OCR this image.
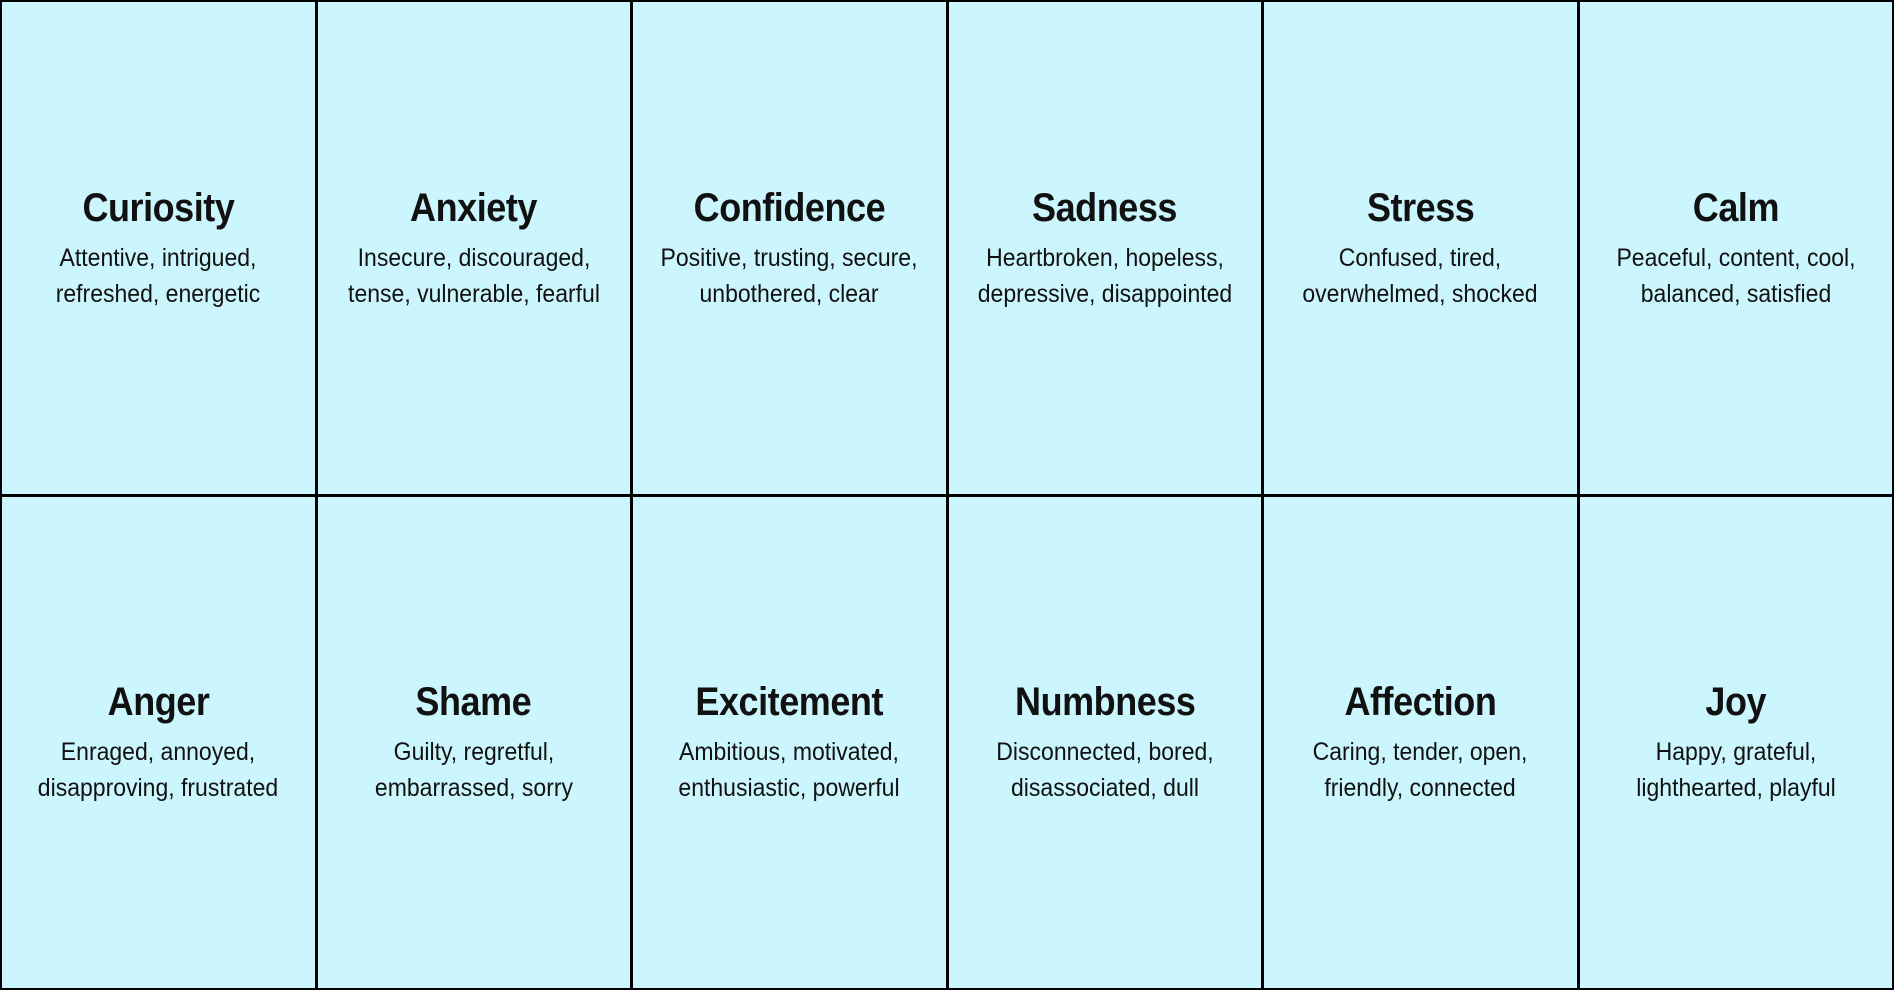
Curiosity
Attentive, intrigued, refreshed, energetic
Anxiety
Insecure, discouraged, tense, vulnerable, fearful
Confidence
Positive, trusting, secure, unbothered, clear
Sadness
Heartbroken, hopeless, depressive, disappointed
Stress
Confused, tired, overwhelmed, shocked
Calm
Peaceful, content, cool, balanced, satisfied
Anger
Enraged, annoyed, disapproving, frustrated
Shame
Guilty, regretful, embarrassed, sorry
Excitement
Ambitious, motivated, enthusiastic, powerful
Numbness
Disconnected, bored, disassociated, dull
Affection
Caring, tender, open, friendly, connected
Joy
Happy, grateful, lighthearted, playful
